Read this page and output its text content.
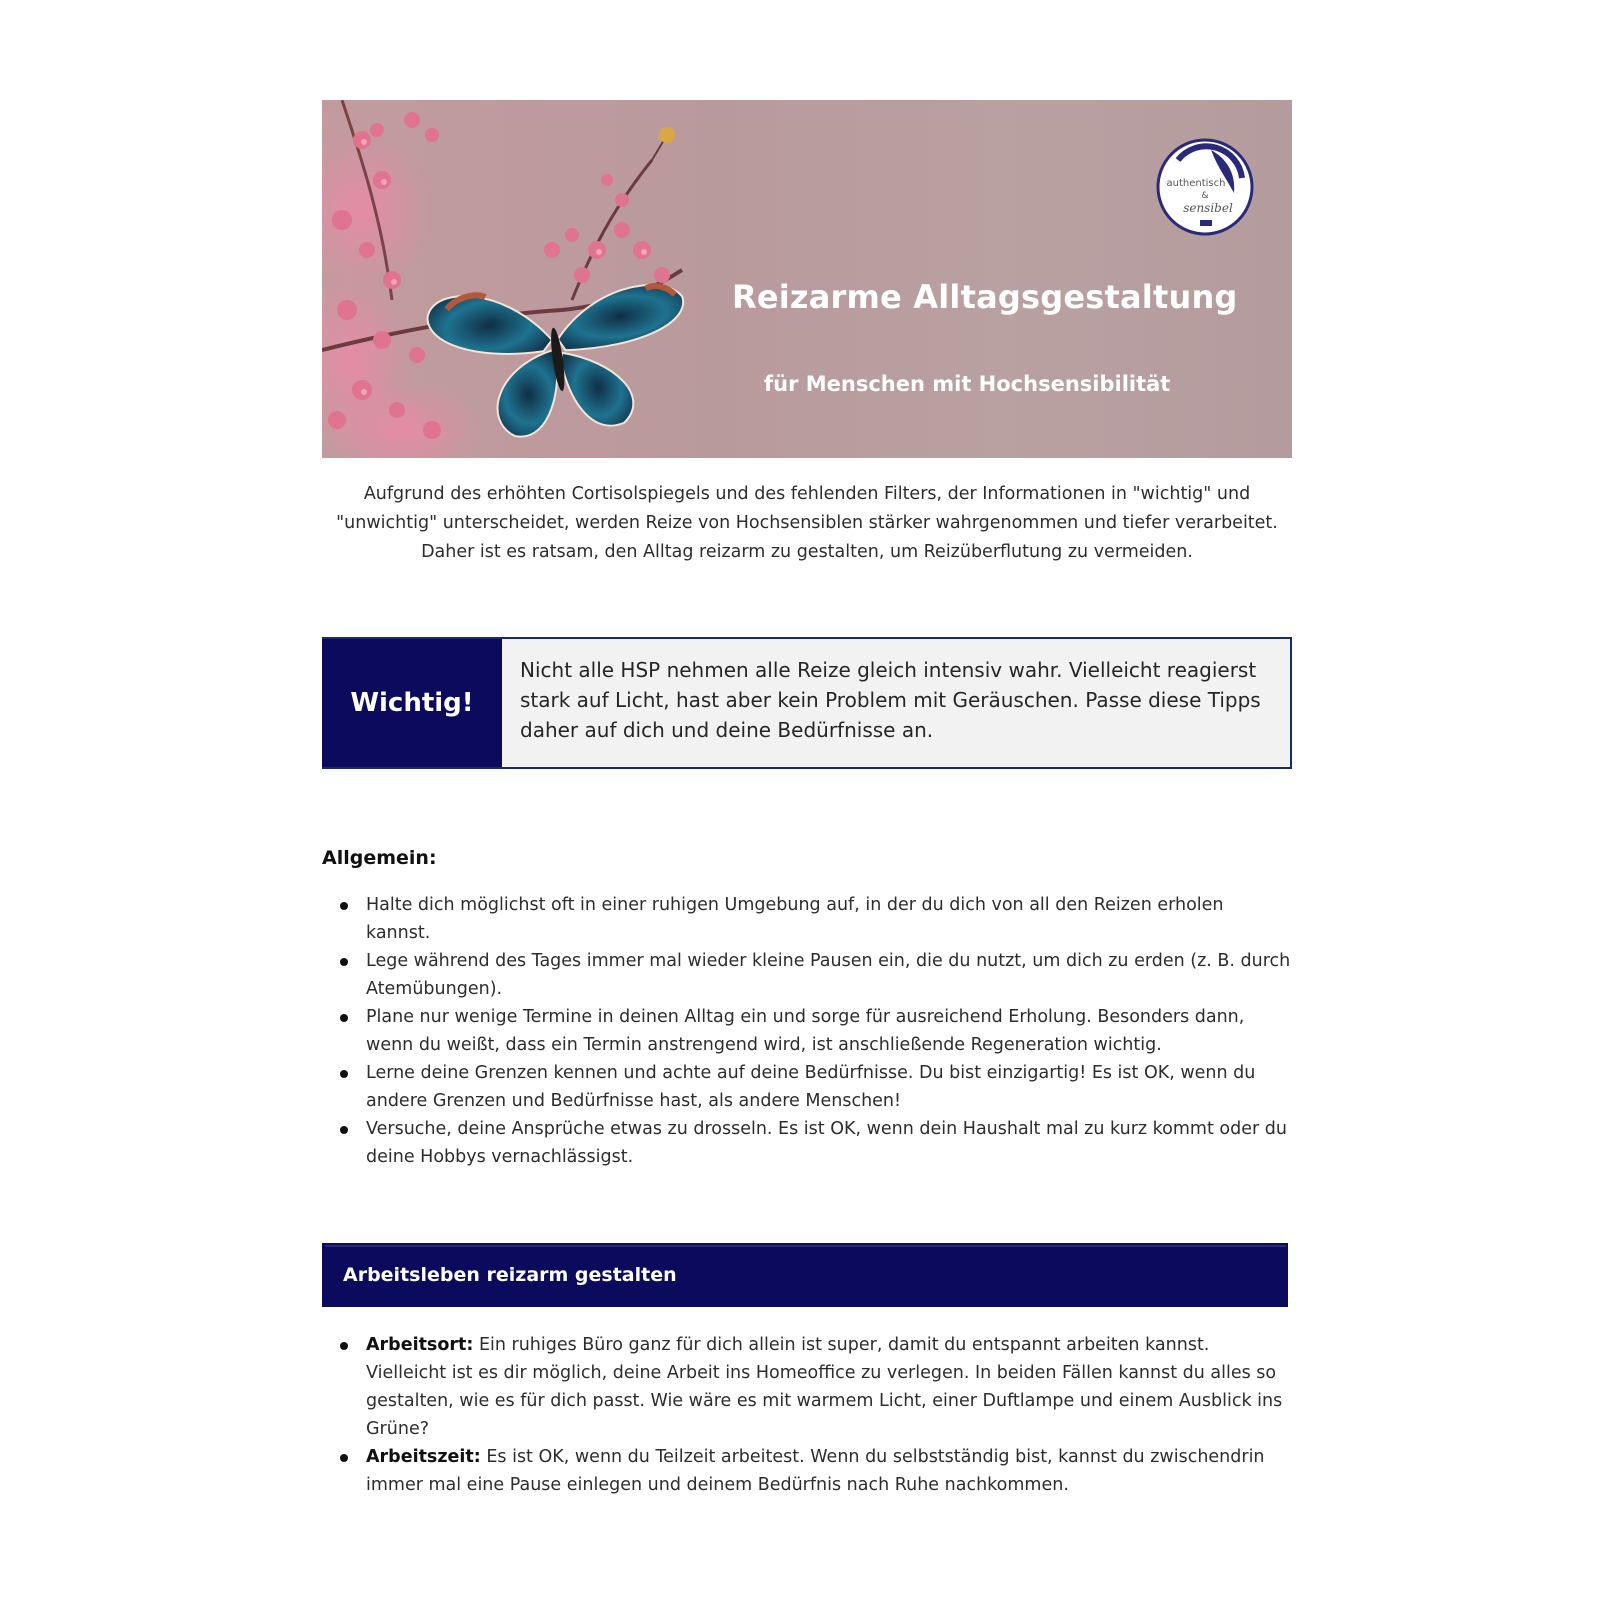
authentisch
&
sensibel
Reizarme Alltagsgestaltung
für Menschen mit Hochsensibilität
Aufgrund des erhöhten Cortisolspiegels und des fehlenden Filters, der Informationen in "wichtig" und "unwichtig" unterscheidet, werden Reize von Hochsensiblen stärker wahrgenommen und tiefer verarbeitet. Daher ist es ratsam, den Alltag reizarm zu gestalten, um Reizüberflutung zu vermeiden.
Wichtig!
Nicht alle HSP nehmen alle Reize gleich intensiv wahr. Vielleicht reagierst stark auf Licht, hast aber kein Problem mit Geräuschen. Passe diese Tipps daher auf dich und deine Bedürfnisse an.
Allgemein:
Halte dich möglichst oft in einer ruhigen Umgebung auf, in der du dich von all den Reizen erholen kannst.
Lege während des Tages immer mal wieder kleine Pausen ein, die du nutzt, um dich zu erden (z. B. durch Atemübungen).
Plane nur wenige Termine in deinen Alltag ein und sorge für ausreichend Erholung. Besonders dann, wenn du weißt, dass ein Termin anstrengend wird, ist anschließende Regeneration wichtig.
Lerne deine Grenzen kennen und achte auf deine Bedürfnisse. Du bist einzigartig! Es ist OK, wenn du andere Grenzen und Bedürfnisse hast, als andere Menschen!
Versuche, deine Ansprüche etwas zu drosseln. Es ist OK, wenn dein Haushalt mal zu kurz kommt oder du deine Hobbys vernachlässigst.
Arbeitsleben reizarm gestalten
Arbeitsort: Ein ruhiges Büro ganz für dich allein ist super, damit du entspannt arbeiten kannst. Vielleicht ist es dir möglich, deine Arbeit ins Homeoffice zu verlegen. In beiden Fällen kannst du alles so gestalten, wie es für dich passt. Wie wäre es mit warmem Licht, einer Duftlampe und einem Ausblick ins Grüne?
Arbeitszeit: Es ist OK, wenn du Teilzeit arbeitest. Wenn du selbstständig bist, kannst du zwischendrin immer mal eine Pause einlegen und deinem Bedürfnis nach Ruhe nachkommen.
